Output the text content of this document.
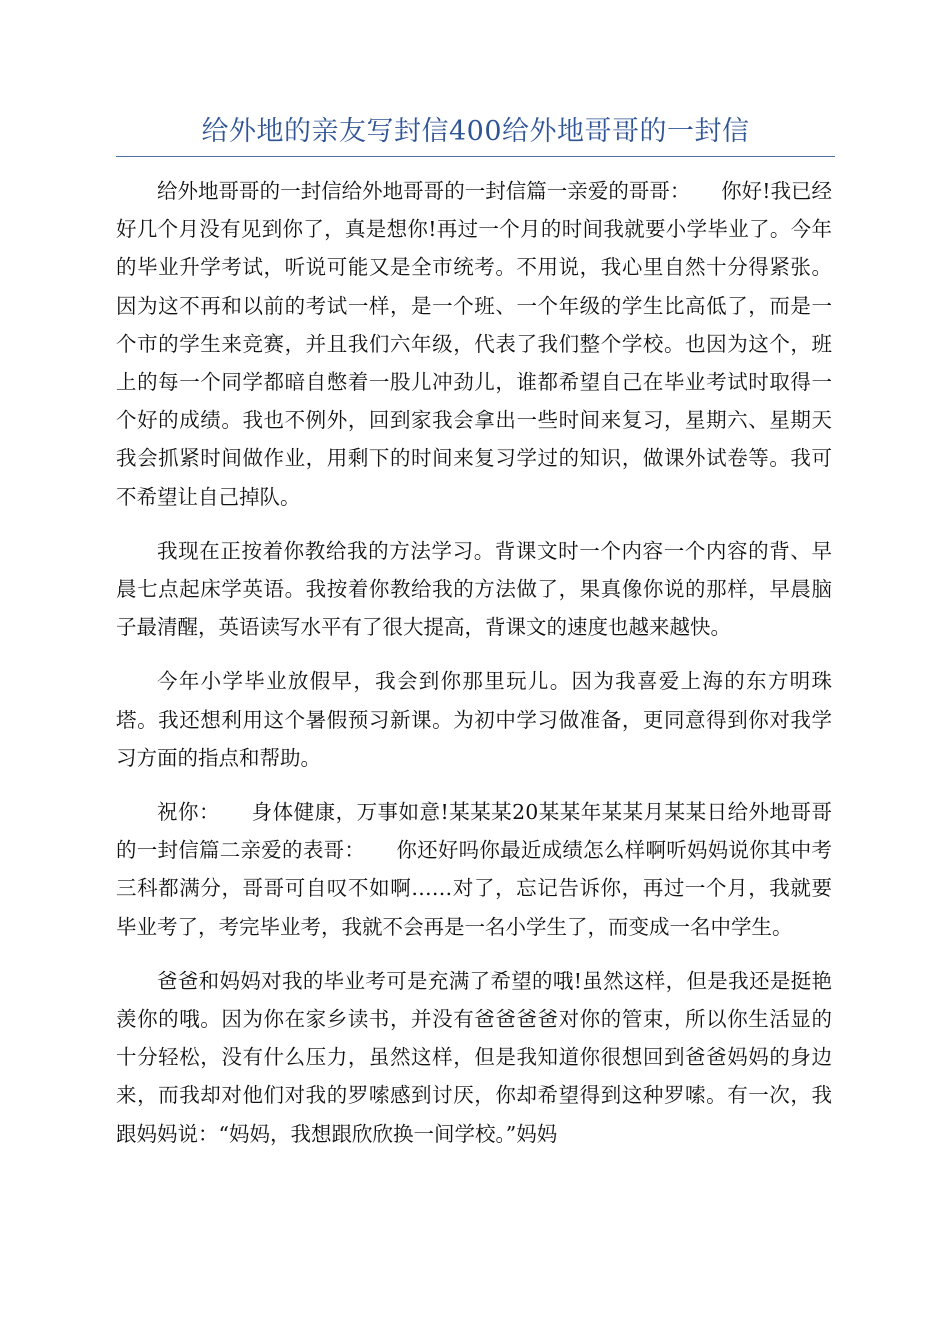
给外地的亲友写封信400给外地哥哥的一封信

给外地哥哥的一封信给外地哥哥的一封信篇一亲爱的哥哥：　　你好!我已经好几个月没有见到你了，真是想你!再过一个月的时间我就要小学毕业了。今年的毕业升学考试，听说可能又是全市统考。不用说，我心里自然十分得紧张。因为这不再和以前的考试一样，是一个班、一个年级的学生比高低了，而是一个市的学生来竞赛，并且我们六年级，代表了我们整个学校。也因为这个，班上的每一个同学都暗自憋着一股儿冲劲儿，谁都希望自己在毕业考试时取得一个好的成绩。我也不例外，回到家我会拿出一些时间来复习，星期六、星期天我会抓紧时间做作业，用剩下的时间来复习学过的知识，做课外试卷等。我可不希望让自己掉队。

我现在正按着你教给我的方法学习。背课文时一个内容一个内容的背、早晨七点起床学英语。我按着你教给我的方法做了，果真像你说的那样，早晨脑子最清醒，英语读写水平有了很大提高，背课文的速度也越来越快。

今年小学毕业放假早，我会到你那里玩儿。因为我喜爱上海的东方明珠塔。我还想利用这个暑假预习新课。为初中学习做准备，更同意得到你对我学习方面的指点和帮助。

祝你：　　身体健康，万事如意!某某某20某某年某某月某某日给外地哥哥的一封信篇二亲爱的表哥：　　你还好吗你最近成绩怎么样啊听妈妈说你其中考三科都满分，哥哥可自叹不如啊……对了，忘记告诉你，再过一个月，我就要毕业考了，考完毕业考，我就不会再是一名小学生了，而变成一名中学生。

爸爸和妈妈对我的毕业考可是充满了希望的哦!虽然这样，但是我还是挺艳羡你的哦。因为你在家乡读书，并没有爸爸爸爸对你的管束，所以你生活显的十分轻松，没有什么压力，虽然这样，但是我知道你很想回到爸爸妈妈的身边来，而我却对他们对我的罗嗦感到讨厌，你却希望得到这种罗嗦。有一次，我跟妈妈说：“妈妈，我想跟欣欣换一间学校。”妈妈
